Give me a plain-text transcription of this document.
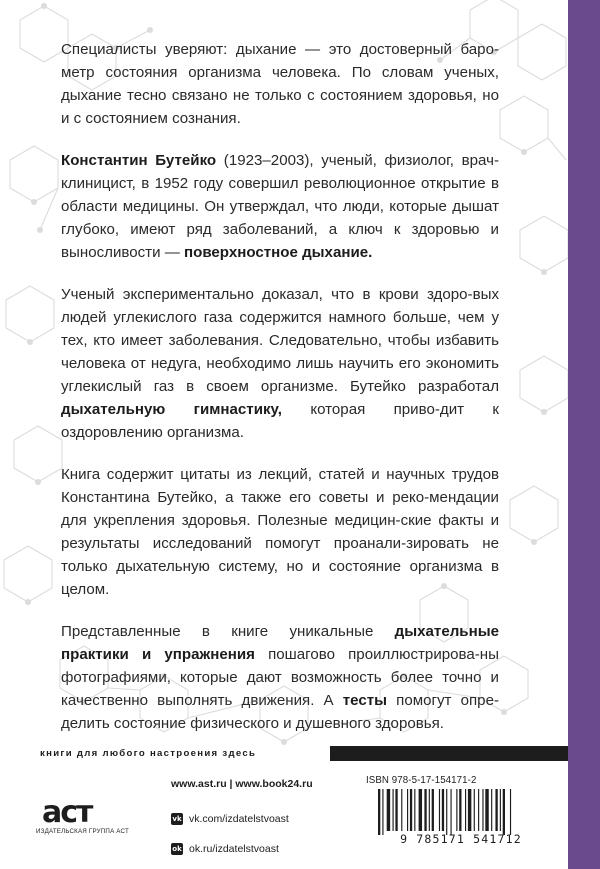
Специалисты уверяют: дыхание — это достоверный баро-метр состояния организма человека. По словам ученых, дыхание тесно связано не только с состоянием здоровья, но и с состоянием сознания.

Константин Бутейко (1923–2003), ученый, физиолог, врач-клиницист, в 1952 году совершил революционное открытие в области медицины. Он утверждал, что люди, которые дышат глубоко, имеют ряд заболеваний, а ключ к здоровью и выносливости — поверхностное дыхание.

Ученый экспериментально доказал, что в крови здоро-вых людей углекислого газа содержится намного больше, чем у тех, кто имеет заболевания. Следовательно, чтобы избавить человека от недуга, необходимо лишь научить его экономить углекислый газ в своем организме. Бутейко разработал дыхательную гимнастику, которая приво-дит к оздоровлению организма.

Книга содержит цитаты из лекций, статей и научных трудов Константина Бутейко, а также его советы и реко-мендации для укрепления здоровья. Полезные медицин-ские факты и результаты исследований помогут проанали-зировать не только дыхательную систему, но и состояние организма в целом.

Представленные в книге уникальные дыхательные практики и упражнения пошагово проиллюстрирова-ны фотографиями, которые дают возможность более точно и качественно выполнять движения. А тесты помогут опре-делить состояние физического и душевного здоровья.

книги для любого настроения здесь
аст
ИЗДАТЕЛЬСКАЯ ГРУППА АСТ
www.ast.ru | www.book24.ru
vk vk.com/izdatelstvoast
ok ok.ru/izdatelstvoast
ISBN 978-5-17-154171-2
9 785171 541712
